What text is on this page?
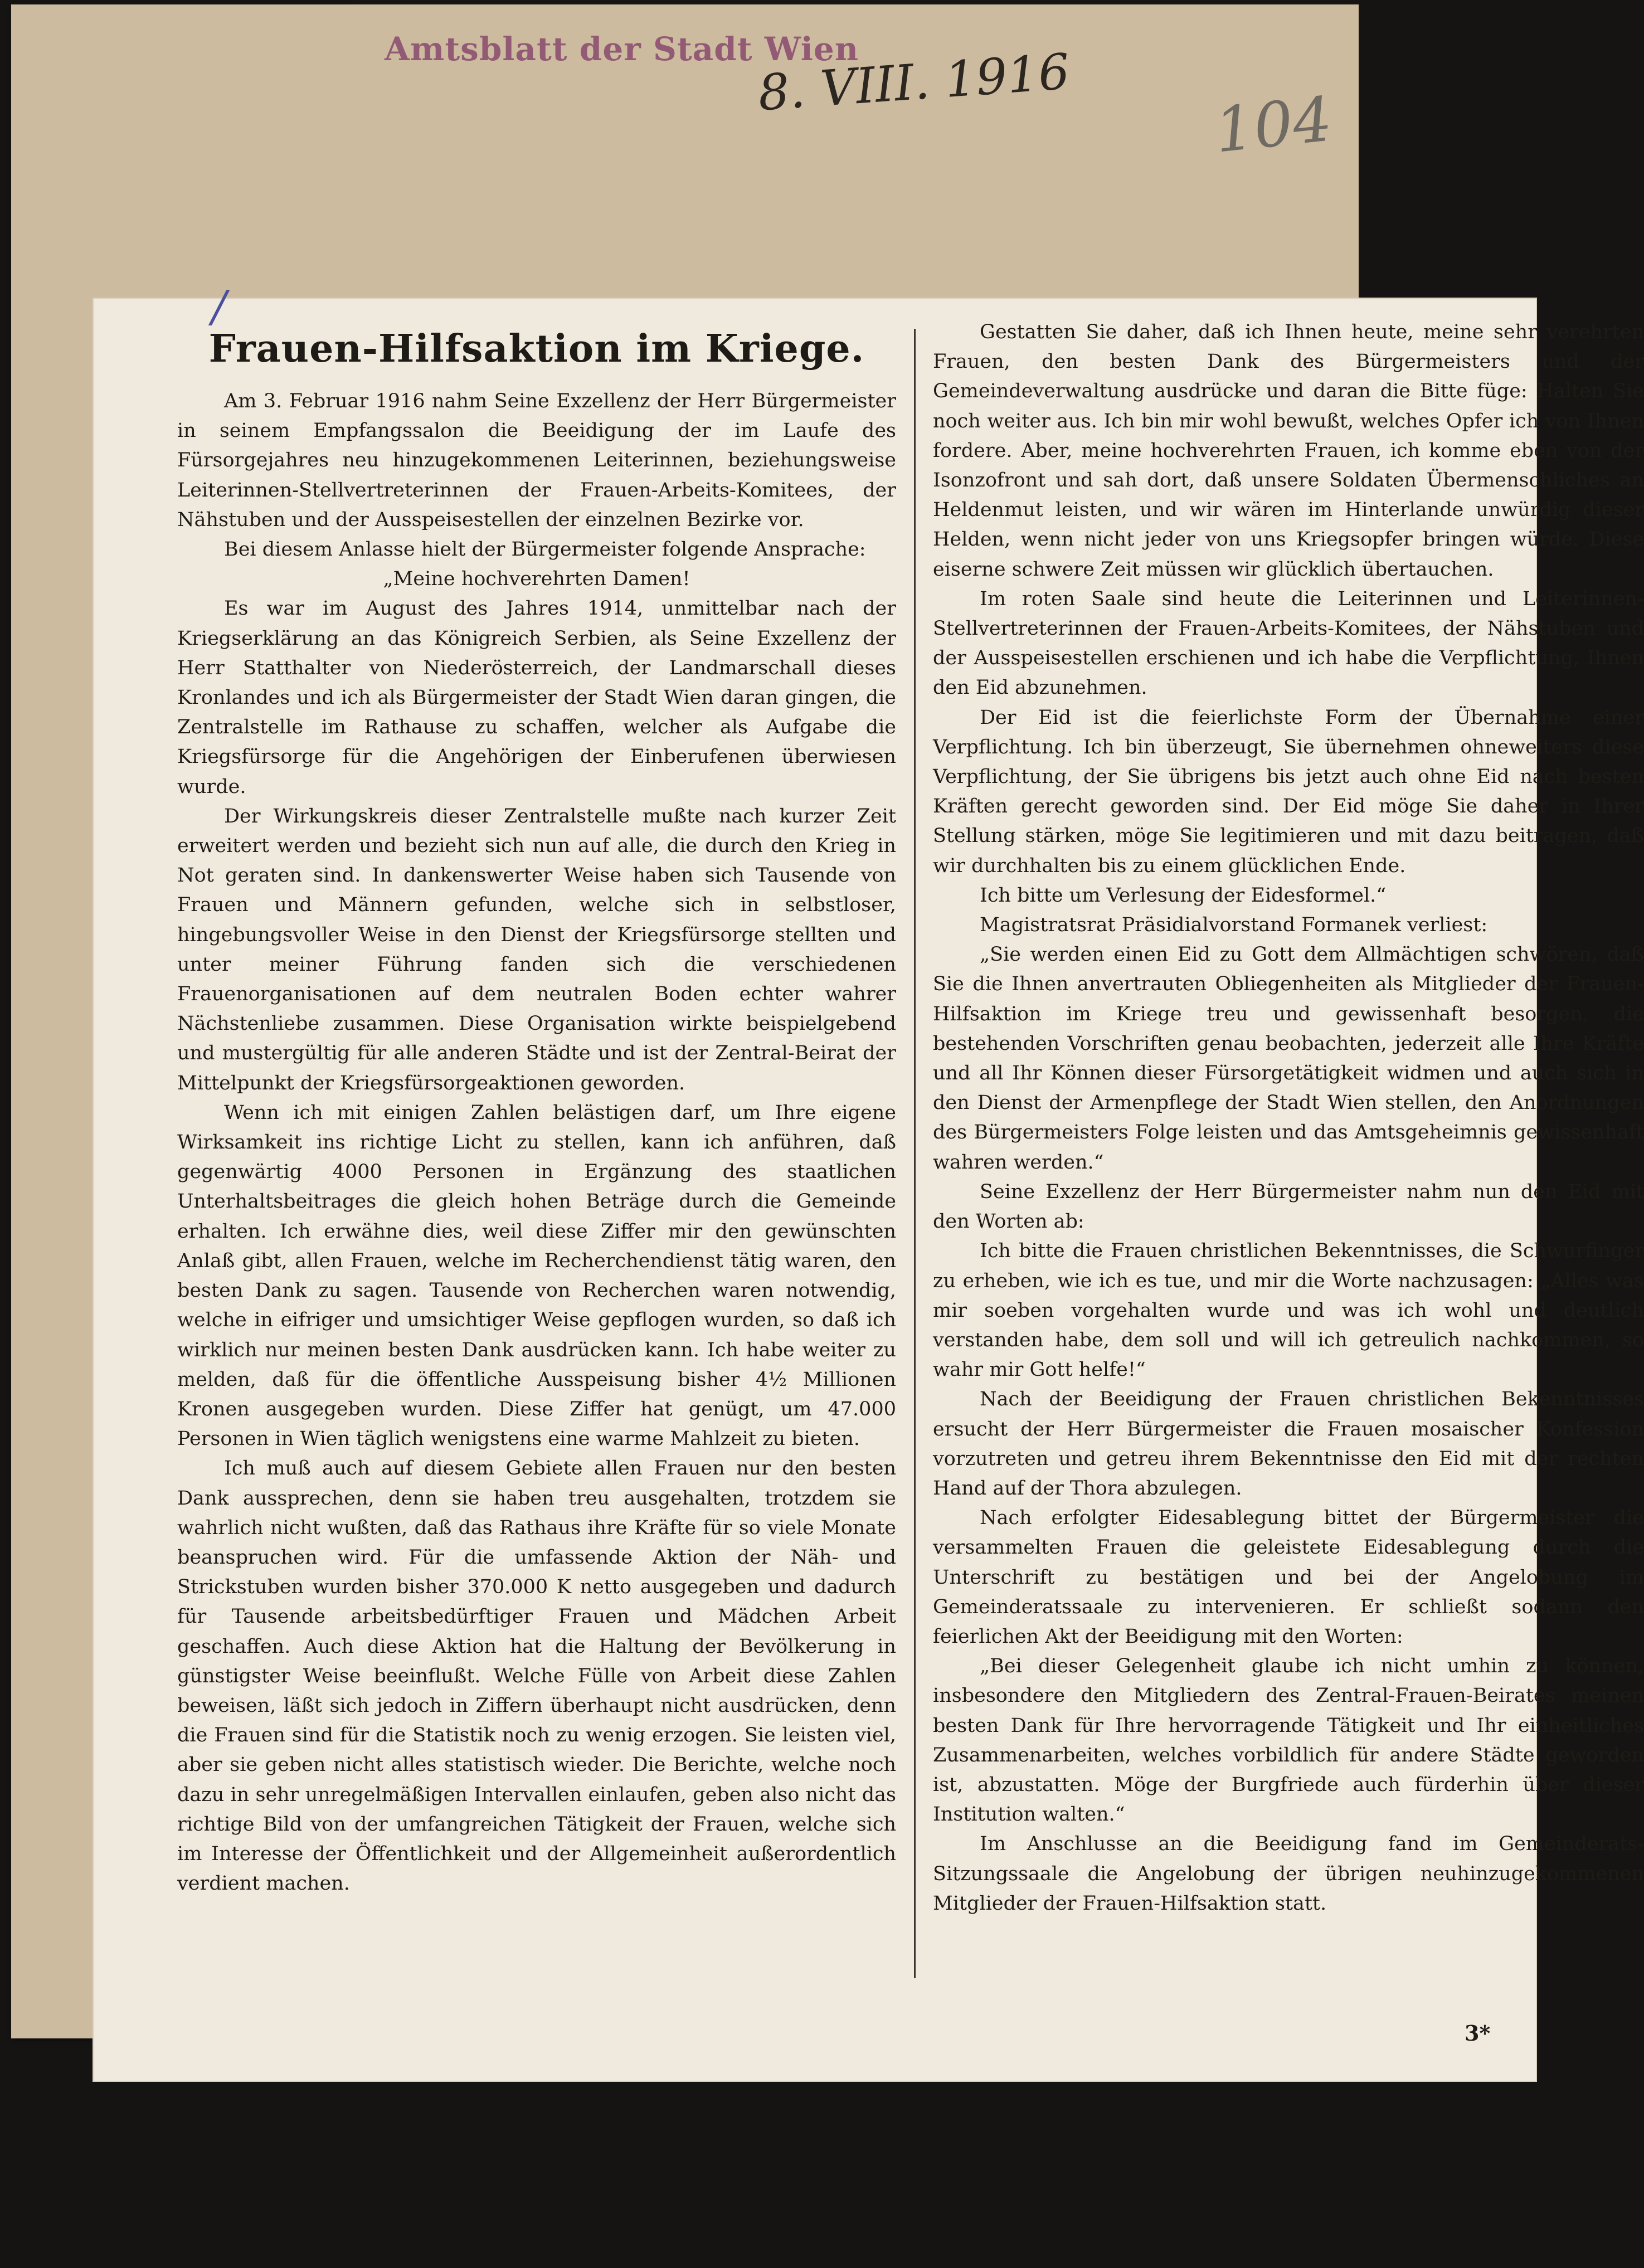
Amtsblatt der Stadt Wien
8. VIII. 1916
104
Frauen-Hilfsaktion im Kriege.

Am 3. Februar 1916 nahm Seine Exzellenz der Herr Bürgermeister in seinem Empfangssalon die Beeidigung der im Laufe des Fürsorgejahres neu hinzugekommenen Leiterinnen, beziehungsweise Leiterinnen-Stellvertreterinnen der Frauen-Arbeits-Komitees, der Nähstuben und der Ausspeisestellen der einzelnen Bezirke vor.

Bei diesem Anlasse hielt der Bürgermeister folgende Ansprache:

„Meine hochverehrten Damen!

Es war im August des Jahres 1914, unmittelbar nach der Kriegserklärung an das Königreich Serbien, als Seine Exzellenz der Herr Statthalter von Niederösterreich, der Landmarschall dieses Kronlandes und ich als Bürgermeister der Stadt Wien daran gingen, die Zentralstelle im Rathause zu schaffen, welcher als Aufgabe die Kriegsfürsorge für die Angehörigen der Einberufenen überwiesen wurde.

Der Wirkungskreis dieser Zentralstelle mußte nach kurzer Zeit erweitert werden und bezieht sich nun auf alle, die durch den Krieg in Not geraten sind. In dankenswerter Weise haben sich Tausende von Frauen und Männern gefunden, welche sich in selbstloser, hingebungsvoller Weise in den Dienst der Kriegsfürsorge stellten und unter meiner Führung fanden sich die verschiedenen Frauenorganisationen auf dem neutralen Boden echter wahrer Nächstenliebe zusammen. Diese Organisation wirkte beispielgebend und mustergültig für alle anderen Städte und ist der Zentral-Beirat der Mittelpunkt der Kriegsfürsorgeaktionen geworden.

Wenn ich mit einigen Zahlen belästigen darf, um Ihre eigene Wirksamkeit ins richtige Licht zu stellen, kann ich anführen, daß gegenwärtig 4000 Personen in Ergänzung des staatlichen Unterhaltsbeitrages die gleich hohen Beträge durch die Gemeinde erhalten. Ich erwähne dies, weil diese Ziffer mir den gewünschten Anlaß gibt, allen Frauen, welche im Recherchendienst tätig waren, den besten Dank zu sagen. Tausende von Recherchen waren notwendig, welche in eifriger und umsichtiger Weise gepflogen wurden, so daß ich wirklich nur meinen besten Dank ausdrücken kann. Ich habe weiter zu melden, daß für die öffentliche Ausspeisung bisher 4½ Millionen Kronen ausgegeben wurden. Diese Ziffer hat genügt, um 47.000 Personen in Wien täglich wenigstens eine warme Mahlzeit zu bieten.

Ich muß auch auf diesem Gebiete allen Frauen nur den besten Dank aussprechen, denn sie haben treu ausgehalten, trotzdem sie wahrlich nicht wußten, daß das Rathaus ihre Kräfte für so viele Monate beanspruchen wird. Für die umfassende Aktion der Näh- und Strickstuben wurden bisher 370.000 K netto ausgegeben und dadurch für Tausende arbeitsbedürftiger Frauen und Mädchen Arbeit geschaffen. Auch diese Aktion hat die Haltung der Bevölkerung in günstigster Weise beeinflußt. Welche Fülle von Arbeit diese Zahlen beweisen, läßt sich jedoch in Ziffern überhaupt nicht ausdrücken, denn die Frauen sind für die Statistik noch zu wenig erzogen. Sie leisten viel, aber sie geben nicht alles statistisch wieder. Die Berichte, welche noch dazu in sehr unregelmäßigen Intervallen einlaufen, geben also nicht das richtige Bild von der umfangreichen Tätigkeit der Frauen, welche sich im Interesse der Öffentlichkeit und der Allgemeinheit außerordentlich verdient machen.

Gestatten Sie daher, daß ich Ihnen heute, meine sehr verehrten Frauen, den besten Dank des Bürgermeisters und der Gemeindeverwaltung ausdrücke und daran die Bitte füge: Halten Sie noch weiter aus. Ich bin mir wohl bewußt, welches Opfer ich von Ihnen fordere. Aber, meine hochverehrten Frauen, ich komme eben von der Isonzofront und sah dort, daß unsere Soldaten Übermenschliches an Heldenmut leisten, und wir wären im Hinterlande unwürdig dieser Helden, wenn nicht jeder von uns Kriegsopfer bringen würde. Diese eiserne schwere Zeit müssen wir glücklich übertauchen.

Im roten Saale sind heute die Leiterinnen und Leiterinnen-Stellvertreterinnen der Frauen-Arbeits-Komitees, der Nähstuben und der Ausspeisestellen erschienen und ich habe die Verpflichtung, Ihnen den Eid abzunehmen.

Der Eid ist die feierlichste Form der Übernahme einer Verpflichtung. Ich bin überzeugt, Sie übernehmen ohneweiters diese Verpflichtung, der Sie übrigens bis jetzt auch ohne Eid nach besten Kräften gerecht geworden sind. Der Eid möge Sie daher in Ihrer Stellung stärken, möge Sie legitimieren und mit dazu beitragen, daß wir durchhalten bis zu einem glücklichen Ende.

Ich bitte um Verlesung der Eidesformel.“

Magistratsrat Präsidialvorstand Formanek verliest:

„Sie werden einen Eid zu Gott dem Allmächtigen schwören, daß Sie die Ihnen anvertrauten Obliegenheiten als Mitglieder der Frauen-Hilfsaktion im Kriege treu und gewissenhaft besorgen, die bestehenden Vorschriften genau beobachten, jederzeit alle Ihre Kräfte und all Ihr Können dieser Fürsorgetätigkeit widmen und auch sich in den Dienst der Armenpflege der Stadt Wien stellen, den Anordnungen des Bürgermeisters Folge leisten und das Amtsgeheimnis gewissenhaft wahren werden.“

Seine Exzellenz der Herr Bürgermeister nahm nun den Eid mit den Worten ab:

Ich bitte die Frauen christlichen Bekenntnisses, die Schwurfinger zu erheben, wie ich es tue, und mir die Worte nachzusagen: „Alles was mir soeben vorgehalten wurde und was ich wohl und deutlich verstanden habe, dem soll und will ich getreulich nachkommen, so wahr mir Gott helfe!“

Nach der Beeidigung der Frauen christlichen Bekenntnisses ersucht der Herr Bürgermeister die Frauen mosaischer Konfession vorzutreten und getreu ihrem Bekenntnisse den Eid mit der rechten Hand auf der Thora abzulegen.

Nach erfolgter Eidesablegung bittet der Bürgermeister die versammelten Frauen die geleistete Eidesablegung durch die Unterschrift zu bestätigen und bei der Angelobung im Gemeinderatssaale zu intervenieren. Er schließt sodann den feierlichen Akt der Beeidigung mit den Worten:

„Bei dieser Gelegenheit glaube ich nicht umhin zu können, insbesondere den Mitgliedern des Zentral-Frauen-Beirates meinen besten Dank für Ihre hervorragende Tätigkeit und Ihr einheitliches Zusammenarbeiten, welches vorbildlich für andere Städte geworden ist, abzustatten. Möge der Burgfriede auch fürderhin über dieser Institution walten.“

Im Anschlusse an die Beeidigung fand im Gemeinderats-Sitzungssaale die Angelobung der übrigen neuhinzugekommenen Mitglieder der Frauen-Hilfsaktion statt.

3*
/
